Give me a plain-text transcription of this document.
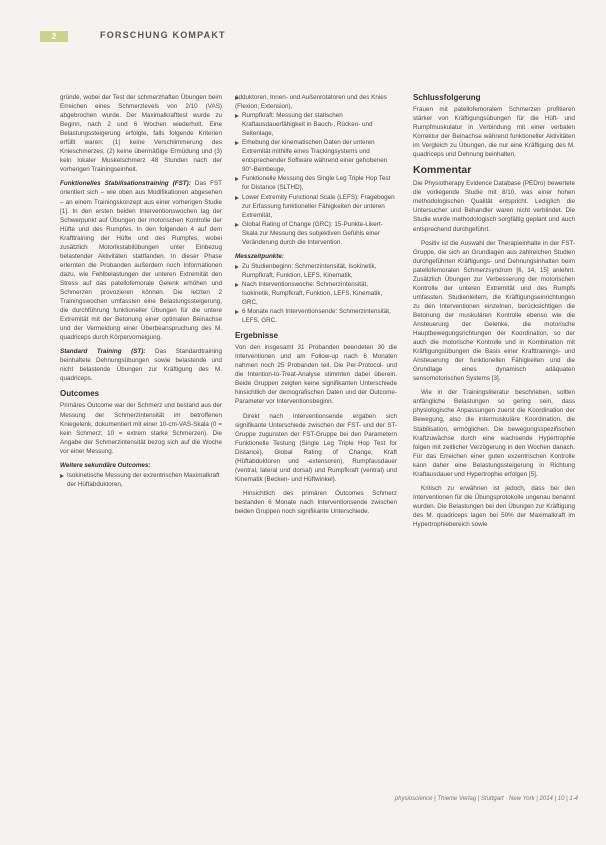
2	FORSCHUNG KOMPAKT

gründe, wobei der Test der schmerzhaften Übungen beim Erreichen eines Schmerzlevels von 2/10 (VAS) abgebrochen wurde. Der Maximalkrafttest wurde zu Beginn, nach 2 und 6 Wochen wiederholt. Eine Belastungssteigerung erfolgte, falls folgende Kriterien erfüllt waren: (1) keine Verschlimmerung des Knieschmerzes, (2) keine übermäßige Ermüdung und (3) kein lokaler Muskelschmerz 48 Stunden nach der vorherigen Trainingseinheit.

Funktionelles Stabilisationstraining (FST): Das FST orientiert sich – wie oben aus Modifikationen abgesehen – an einem Trainingskonzept aus einer vorherigen Studie [1]. In den ersten beiden Interventionswochen lag der Schwerpunkt auf Übungen der motorischen Kontrolle der Hüfte und des Rumpfes. In den folgenden 4 auf dem Krafttraining der Hüfte und des Rumpfes, wobei zusätzlich Motorikstabilübungen unter Einbezug belastender Aktivitäten stattfanden. In dieser Phase erlernten die Probanden außerdem noch Informationen dazu, wie Fehlbelastungen der unteren Extremität den Stress auf das patellofemorale Gelenk erhöhen und Schmerzen provozieren können. Die letzten 2 Trainingswochen umfassten eine Belastungssteigerung, die durchführung funktioneller Übungen für die untere Extremität mit der Betonung einer optimalen Beinachse und der Vermeidung einer Überbeanspruchung des M. quadriceps durch Körpervorneigung.

Standard Training (ST): Das Standardtraining beinhaltete Dehnungsübungen sowie belastende und nicht belastende Übungen zur Kräftigung des M. quadriceps.

Outcomes

Primäres Outcome war der Schmerz und bestand aus der Messung der Schmerzintensität im betroffenen Kniegelenk, dokumentiert mit einer 10-cm-VAS-Skala (0 = kein Schmerz; 10 = extrem starke Schmerzen). Die Angabe der Schmerzintensität bezog sich auf die Woche vor einer Messung.

Weitere sekundäre Outcomes:
Isokinetische Messung der exzentrischen Maximalkraft der Hüftabduktoren,
adduktoren, Innen- und Außenrotatoren und des Knies (Flexion, Extension),
Rumpfkraft: Messung der statischen Kraftausdauerfähigkeit in Bauch-, Rücken- und Seitenlage,
Erhebung der kinematischen Daten der unteren Extremität mithilfe eines Trackingsystems und entsprechender Software während einer gehobenen 90°-Beinbeuge,
Funktionelle Messung des Single Leg Triple Hop Test for Distance (SLTHD),
Lower Extremity Functional Scale (LEFS): Fragebogen zur Erfassung funktioneller Fähigkeiten der unteren Extremität,
Global Rating of Change (GRC): 15-Punkte-Likert-Skala zur Messung des subjektiven Gefühls einer Veränderung durch die Intervention.
Messzeitpunkte:
Zu Studienbeginn: Schmerzintensität, Isokinetik, Rumpfkraft, Funktion, LEFS, Kinematik,
Nach Interventionswoche: Schmerzintensität, Isokinetik, Rumpfkraft, Funktion, LEFS, Kinematik, GRC,
6 Monate nach Interventionsende: Schmerzintensität, LEFS, GRC.
Ergebnisse

Von den insgesamt 31 Probanden beendeten 30 die Interventionen und am Follow-up nach 6 Monaten nahmen noch 25 Probanden teil. Die Per-Protocol- und die Intention-to-Treat-Analyse stimmten dabei überein. Beide Gruppen zeigten keine signifikanten Unterschiede hinsichtlich der demografischen Daten und der Outcome-Parameter vor Interventionsbeginn.

Direkt nach Interventionsende ergaben sich signifikante Unterschiede zwischen der FST- und der ST-Gruppe zugunsten der FST-Gruppe bei den Parametern Funktionelle Testung (Single Leg Triple Hop Test for Distance), Global Rating of Change, Kraft (Hüftabduktoren und -extensoren), Rumpfausdauer (ventral, lateral und dorsal) und Rumpfkraft (ventral) und Kinematik (Becken- und Hüftwinkel).

Hinsichtlich des primären Outcomes Schmerz bestanden 6 Monate nach Interventionsende zwischen beiden Gruppen noch signifikante Unterschiede.

Schlussfolgerung

Frauen mit patellofemoralem Schmerzen profitieren stärker von Kräftigungsübungen für die Hüft- und Rumpfmuskulatur in Verbindung mit einer verbalen Korrektur der Beinachse während funktioneller Aktivitäten im Vergleich zu Übungen, die nur eine Kräftigung des M. quadriceps und Dehnung beinhalten.

Kommentar

Die Physiotherapy Evidence Database (PEDro) bewertete die vorliegende Studie mit 8/10, was einer hohen methodologischen Qualität entspricht. Lediglich die Untersucher und Behandler waren nicht verblindet. Die Studie wurde methodologisch sorgfältig geplant und auch entsprechend durchgeführt.

Positiv ist die Auswahl der Therapieinhalte in der FST-Gruppe, die sich an Grundlagen aus zahlreichen Studien durchgeführten Kräftigungs- und Dehnungsinhalten beim patellofemoralen Schmerzsyndrom [6, 14, 15] anlehnt. Zusätzlich Übungen zur Verbesserung der motorischen Kontrolle der unteren Extremität und des Rumpfs umfassten. Studienleitern, die Kräftigungseinrichtungen zu den Interventionen einzelnen, berücksichtigen die Betonung der muskulären Kontrolle ebenso wie die Ansteuerung der Gelenke, die motorische Hauptbewegungsrichtungen der Koordination, so der auch die motorische Kontrolle und in Kombination mit Kräftigungsübungen die Basis einer Krafttrainings- und Ansteuerung der funktionellen Fähigkeiten und die Grundlage eines dynamisch adäquaten sensomotorischen Systems [3].

Wie in der Trainingsliteratur beschrieben, sollten anfängliche Belastungen so gering sein, dass physiologische Anpassungen zuerst die Koordination der Bewegung, also die intermuskuläre Koordination, die Stabilisation, ermöglichen. Die bewegungsspezifischen Kraftzuwächse durch eine wachsende Hypertrophie folgen mit zeitlicher Verzögerung in den Wochen danach. Für das Erreichen einer guten exzentrischen Kontrolle kann daher eine Belastungssteigerung in Richtung Kraftausdauer und Hypertrophie erfolgen [5].

Kritisch zu erwähnen ist jedoch, dass bei den Interventionen für die Übungsprotokolle ungenau benannt wurden. Die Belastungen bei den Übungen zur Kräftigung des M. quadriceps lagen bei 50% der Maximalkraft im Hypertrophiebereich sowie

physioscience | Thieme Verlag | Stuttgart · New York | 2014 | 10 | 1-4
